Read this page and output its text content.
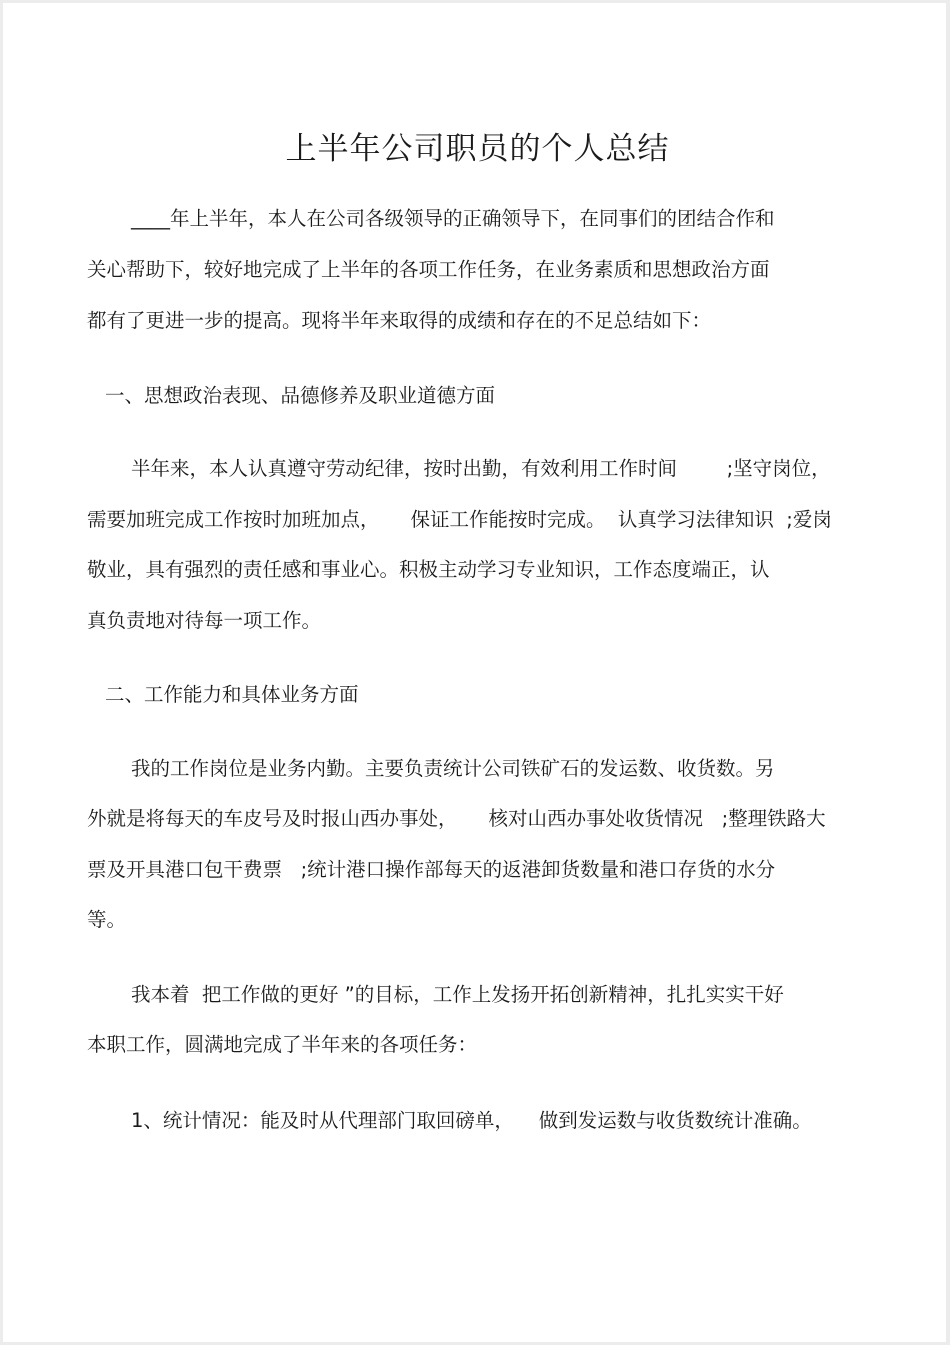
上半年公司职员的个人总结

____年上半年，本人在公司各级领导的正确领导下，在同事们的团结合作和

关心帮助下，较好地完成了上半年的各项工作任务，在业务素质和思想政治方面

都有了更进一步的提高。现将半年来取得的成绩和存在的不足总结如下：

一、思想政治表现、品德修养及职业道德方面

半年来，本人认真遵守劳动纪律，按时出勤，有效利用工作时间        ;坚守岗位，

需要加班完成工作按时加班加点，     保证工作能按时完成。  认真学习法律知识  ;爱岗

敬业，具有强烈的责任感和事业心。积极主动学习专业知识，工作态度端正，认

真负责地对待每一项工作。

二、工作能力和具体业务方面

我的工作岗位是业务内勤。主要负责统计公司铁矿石的发运数、收货数。另

外就是将每天的车皮号及时报山西办事处，     核对山西办事处收货情况   ;整理铁路大

票及开具港口包干费票   ;统计港口操作部每天的返港卸货数量和港口存货的水分

等。

我本着  把工作做的更好 ”的目标，工作上发扬开拓创新精神，扎扎实实干好

本职工作，圆满地完成了半年来的各项任务：

1、统计情况：能及时从代理部门取回磅单，    做到发运数与收货数统计准确。
